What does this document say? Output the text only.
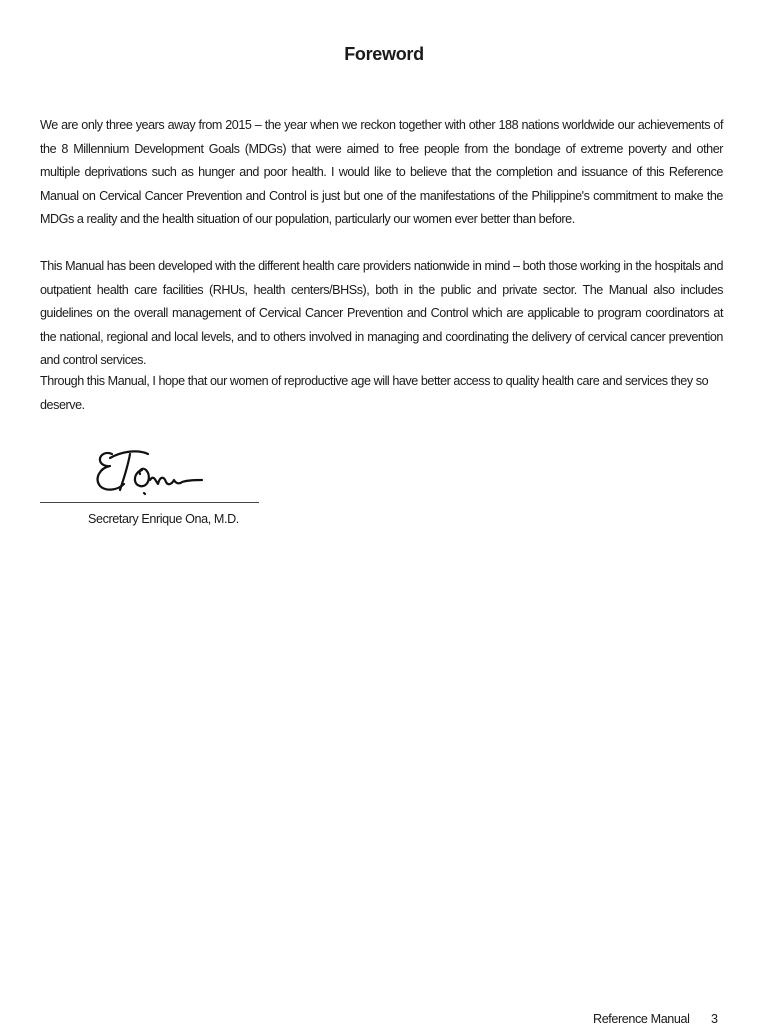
Foreword

We are only three years away from 2015 – the year when we reckon together with other 188 nations worldwide our achievements of the 8 Millennium Development Goals (MDGs) that were aimed to free people from the bondage of extreme poverty and other multiple deprivations such as hunger and poor health. I would like to believe that the completion and issuance of this Reference Manual on Cervical Cancer Prevention and Control is just but one of the manifestations of the Philippine's commitment to make the MDGs a reality and the health situation of our population, particularly our women ever better than before.

This Manual has been developed with the different health care providers nationwide in mind – both those working in the hospitals and outpatient health care facilities (RHUs, health centers/BHSs), both in the public and private sector. The Manual also includes guidelines on the overall management of Cervical Cancer Prevention and Control which are applicable to program coordinators at the national, regional and local levels, and to others involved in managing and coordinating the delivery of cervical cancer prevention and control services.

Through this Manual, I hope that our women of reproductive age will have better access to quality health care and services they so deserve.

Secretary Enrique Ona, M.D.
Reference Manual 3
